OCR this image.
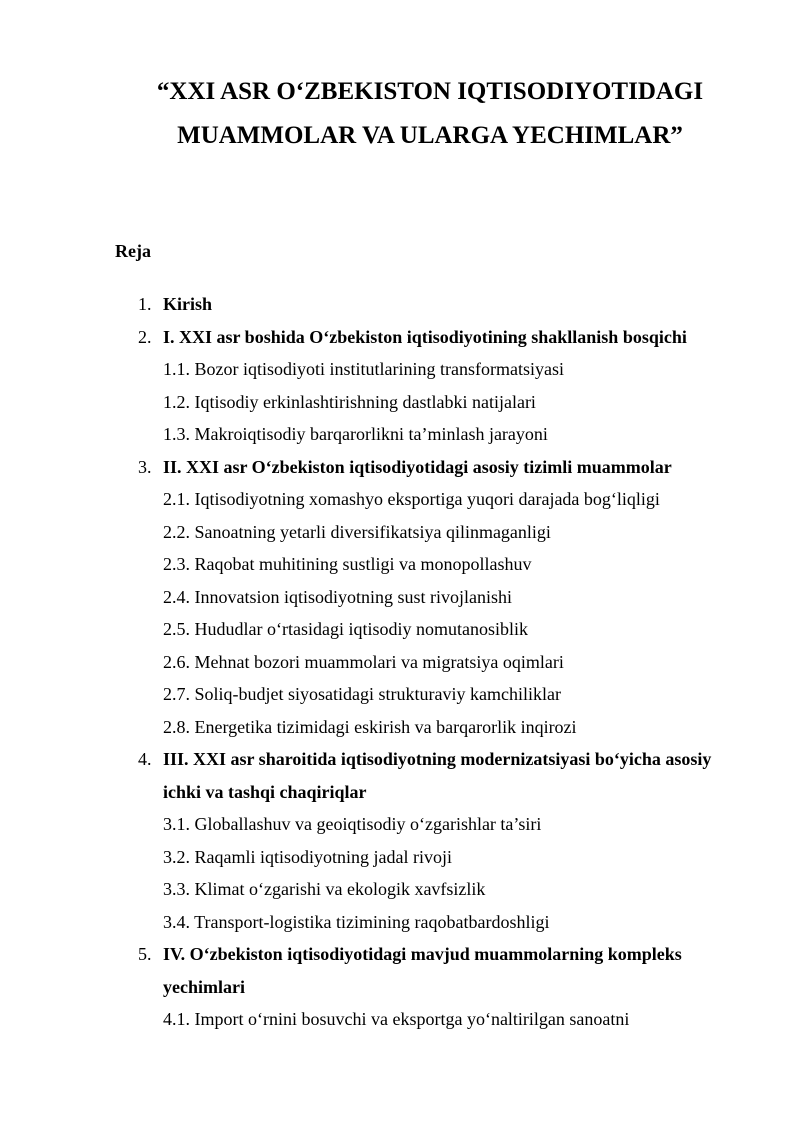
“XXI ASR O‘ZBEKISTON IQTISODIYOTIDAGI
MUAMMOLAR VA ULARGA YECHIMLAR”

Reja

1. Kirish
2. I. XXI asr boshida O‘zbekiston iqtisodiyotining shakllanish bosqichi
1.1. Bozor iqtisodiyoti institutlarining transformatsiyasi
1.2. Iqtisodiy erkinlashtirishning dastlabki natijalari
1.3. Makroiqtisodiy barqarorlikni ta’minlash jarayoni
3. II. XXI asr O‘zbekiston iqtisodiyotidagi asosiy tizimli muammolar
2.1. Iqtisodiyotning xomashyo eksportiga yuqori darajada bog‘liqligi
2.2. Sanoatning yetarli diversifikatsiya qilinmaganligi
2.3. Raqobat muhitining sustligi va monopollashuv
2.4. Innovatsion iqtisodiyotning sust rivojlanishi
2.5. Hududlar o‘rtasidagi iqtisodiy nomutanosiblik
2.6. Mehnat bozori muammolari va migratsiya oqimlari
2.7. Soliq-budjet siyosatidagi strukturaviy kamchiliklar
2.8. Energetika tizimidagi eskirish va barqarorlik inqirozi
4. III. XXI asr sharoitida iqtisodiyotning modernizatsiyasi bo‘yicha asosiy ichki va tashqi chaqiriqlar
3.1. Globallashuv va geoiqtisodiy o‘zgarishlar ta’siri
3.2. Raqamli iqtisodiyotning jadal rivoji
3.3. Klimat o‘zgarishi va ekologik xavfsizlik
3.4. Transport-logistika tizimining raqobatbardoshligi
5. IV. O‘zbekiston iqtisodiyotidagi mavjud muammolarning kompleks yechimlari
4.1. Import o‘rnini bosuvchi va eksportga yo‘naltirilgan sanoatni
